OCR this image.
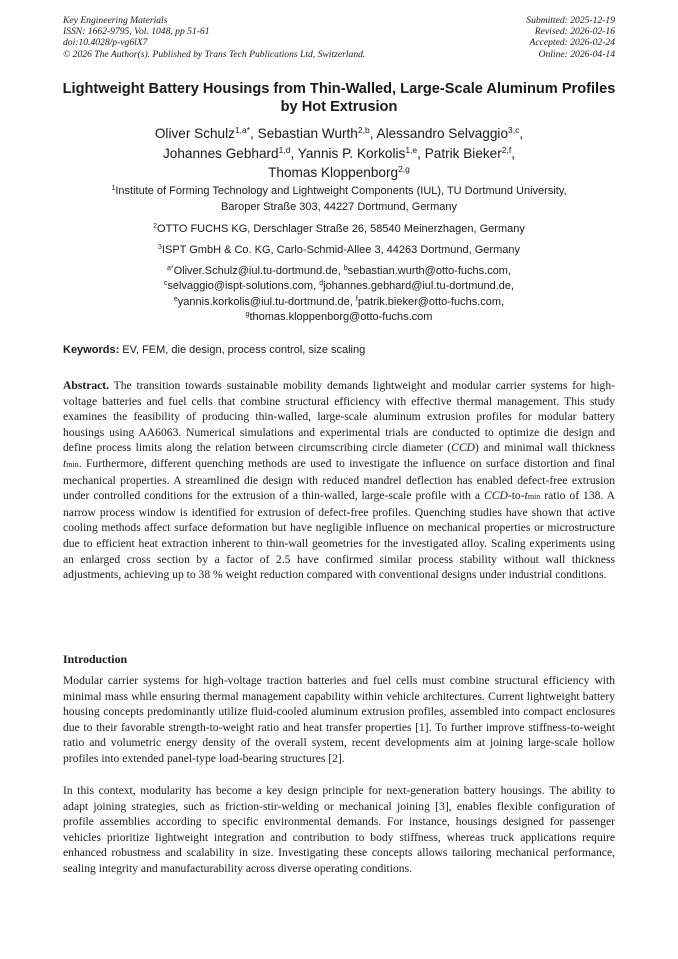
Key Engineering Materials
ISSN: 1662-9795, Vol. 1048, pp 51-61
doi:10.4028/p-vg6lX7
© 2026 The Author(s). Published by Trans Tech Publications Ltd, Switzerland.
Submitted: 2025-12-19
Revised: 2026-02-16
Accepted: 2026-02-24
Online: 2026-04-14
Lightweight Battery Housings from Thin-Walled, Large-Scale Aluminum Profiles by Hot Extrusion
Oliver Schulz$^{1,a*}$, Sebastian Wurth$^{2,b}$, Alessandro Selvaggio$^{3,c}$,
Johannes Gebhard$^{1,d}$, Yannis P. Korkolis$^{1,e}$, Patrik Bieker$^{2,f}$,
Thomas Kloppenborg$^{2,g}$
$^1$Institute of Forming Technology and Lightweight Components (IUL), TU Dortmund University,
Baroper Straße 303, 44227 Dortmund, Germany
$^2$OTTO FUCHS KG, Derschlager Straße 26, 58540 Meinerzhagen, Germany
$^3$ISPT GmbH & Co. KG, Carlo-Schmid-Allee 3, 44263 Dortmund, Germany
$^{a*}$Oliver.Schulz@iul.tu-dortmund.de, $^b$sebastian.wurth@otto-fuchs.com,
$^c$selvaggio@ispt-solutions.com, $^d$johannes.gebhard@iul.tu-dortmund.de,
$^e$yannis.korkolis@iul.tu-dortmund.de, $^f$patrik.bieker@otto-fuchs.com,
$^g$thomas.kloppenborg@otto-fuchs.com
Keywords: EV, FEM, die design, process control, size scaling

Abstract. The transition towards sustainable mobility demands lightweight and modular carrier systems for high-voltage batteries and fuel cells that combine structural efficiency with effective thermal management. This study examines the feasibility of producing thin-walled, large-scale aluminum extrusion profiles for modular battery housings using AA6063. Numerical simulations and experimental trials are conducted to optimize die design and define process limits along the relation between circumscribing circle diameter (CCD) and minimal wall thickness tmin. Furthermore, different quenching methods are used to investigate the influence on surface distortion and final mechanical properties. A streamlined die design with reduced mandrel deflection has enabled defect-free extrusion under controlled conditions for the extrusion of a thin-walled, large-scale profile with a CCD-to-tmin ratio of 138. A narrow process window is identified for extrusion of defect-free profiles. Quenching studies have shown that active cooling methods affect surface deformation but have negligible influence on mechanical properties or microstructure due to efficient heat extraction inherent to thin-wall geometries for the investigated alloy. Scaling experiments using an enlarged cross section by a factor of 2.5 have confirmed similar process stability without wall thickness adjustments, achieving up to 38 % weight reduction compared with conventional designs under industrial conditions.

Introduction

Modular carrier systems for high-voltage traction batteries and fuel cells must combine structural efficiency with minimal mass while ensuring thermal management capability within vehicle architectures. Current lightweight battery housing concepts predominantly utilize fluid-cooled aluminum extrusion profiles, assembled into compact enclosures due to their favorable strength-to-weight ratio and heat transfer properties [1]. To further improve stiffness-to-weight ratio and volumetric energy density of the overall system, recent developments aim at joining large-scale hollow profiles into extended panel-type load-bearing structures [2].

In this context, modularity has become a key design principle for next-generation battery housings. The ability to adapt joining strategies, such as friction-stir-welding or mechanical joining [3], enables flexible configuration of profile assemblies according to specific environmental demands. For instance, housings designed for passenger vehicles prioritize lightweight integration and contribution to body stiffness, whereas truck applications require enhanced robustness and scalability in size. Investigating these concepts allows tailoring mechanical performance, sealing integrity and manufacturability across diverse operating conditions.
